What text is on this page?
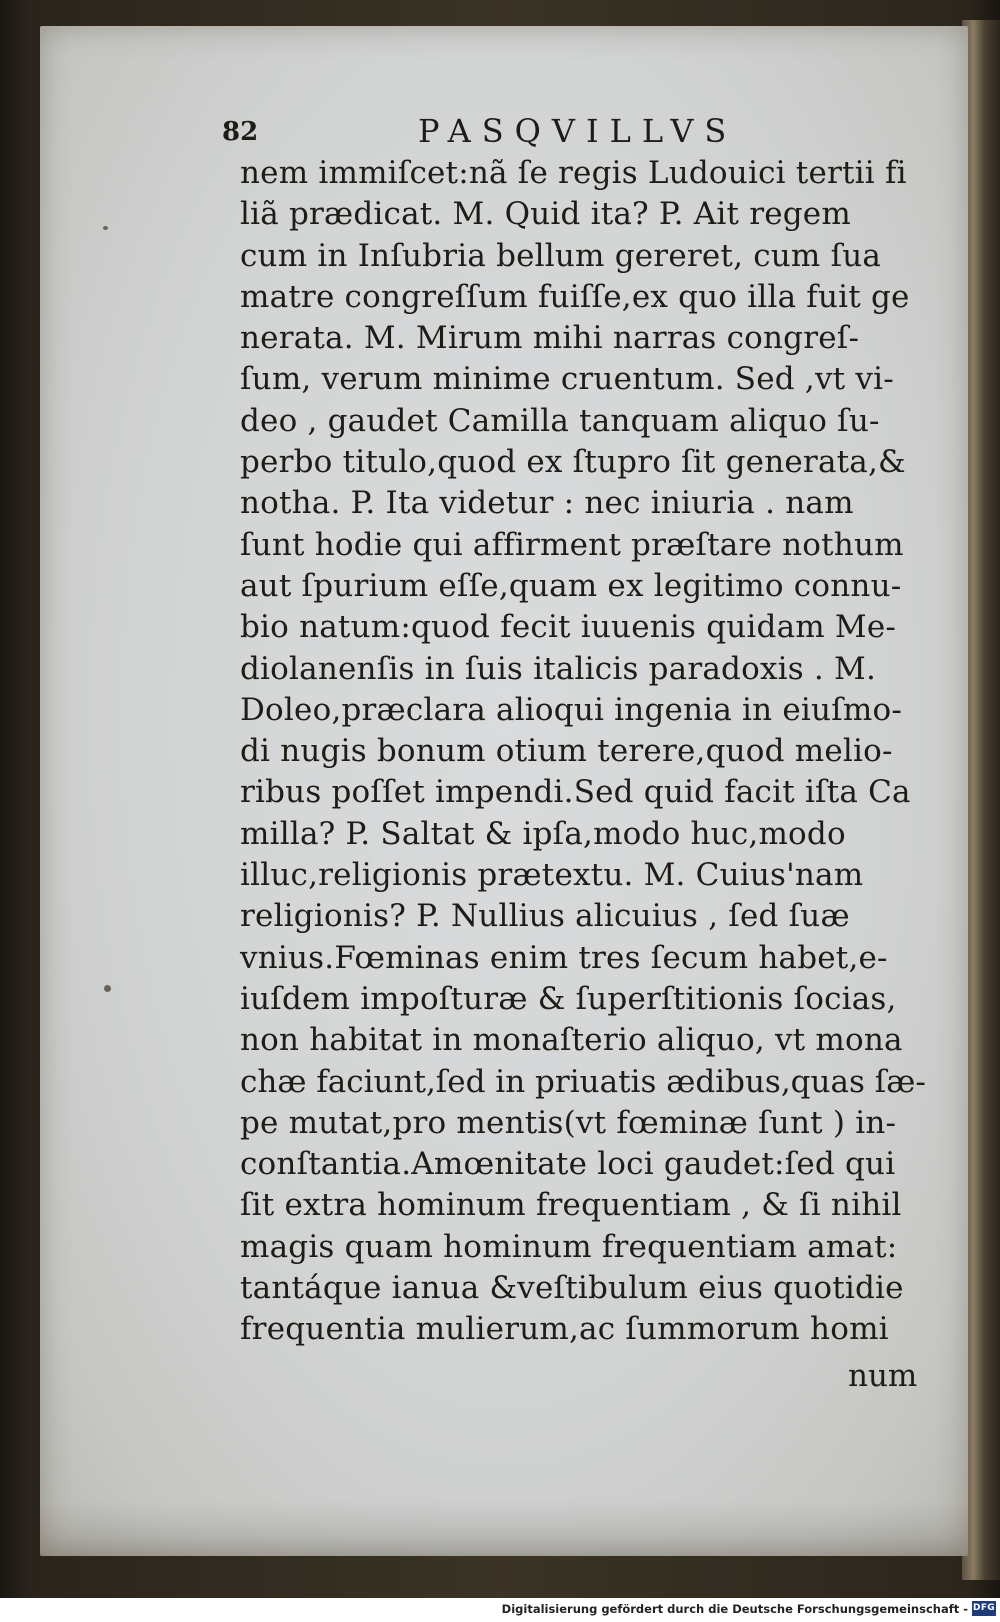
82	PASQVILLVS
nem immiſcet:nã ſe regis Ludouici tertii fi
liã prædicat. M. Quid ita? P. Ait regem
cum in Inſubria bellum gereret, cum ſua
matre congreſſum fuiſſe,ex quo illa fuit ge
nerata. M. Mirum mihi narras congreſ-
ſum, verum minime cruentum. Sed ,vt vi-
deo , gaudet Camilla tanquam aliquo ſu-
perbo titulo,quod ex ſtupro ſit generata,&
notha. P. Ita videtur : nec iniuria . nam
ſunt hodie qui affirment præſtare nothum
aut ſpurium eſſe,quam ex legitimo connu-
bio natum:quod fecit iuuenis quidam Me-
diolanenſis in ſuis italicis paradoxis . M.
Doleo,præclara alioqui ingenia in eiuſmo-
di nugis bonum otium terere,quod melio-
ribus poſſet impendi.Sed quid facit iſta Ca
milla? P. Saltat & ipſa,modo huc,modo
illuc,religionis prætextu. M. Cuius'nam
religionis? P. Nullius alicuius , ſed ſuæ
vnius.Fœminas enim tres ſecum habet,e-
iuſdem impoſturæ & ſuperſtitionis ſocias,
non habitat in monaſterio aliquo, vt mona
chæ faciunt,ſed in priuatis ædibus,quas ſæ-
pe mutat,pro mentis(vt fœminæ ſunt ) in-
conſtantia.Amœnitate loci gaudet:ſed qui
ſit extra hominum frequentiam , & ſi nihil
magis quam hominum frequentiam amat:
tantáque ianua &veſtibulum eius quotidie
frequentia mulierum,ac ſummorum homi
num
Digitalisierung gefördert durch die Deutsche Forschungsgemeinschaft - DFG
